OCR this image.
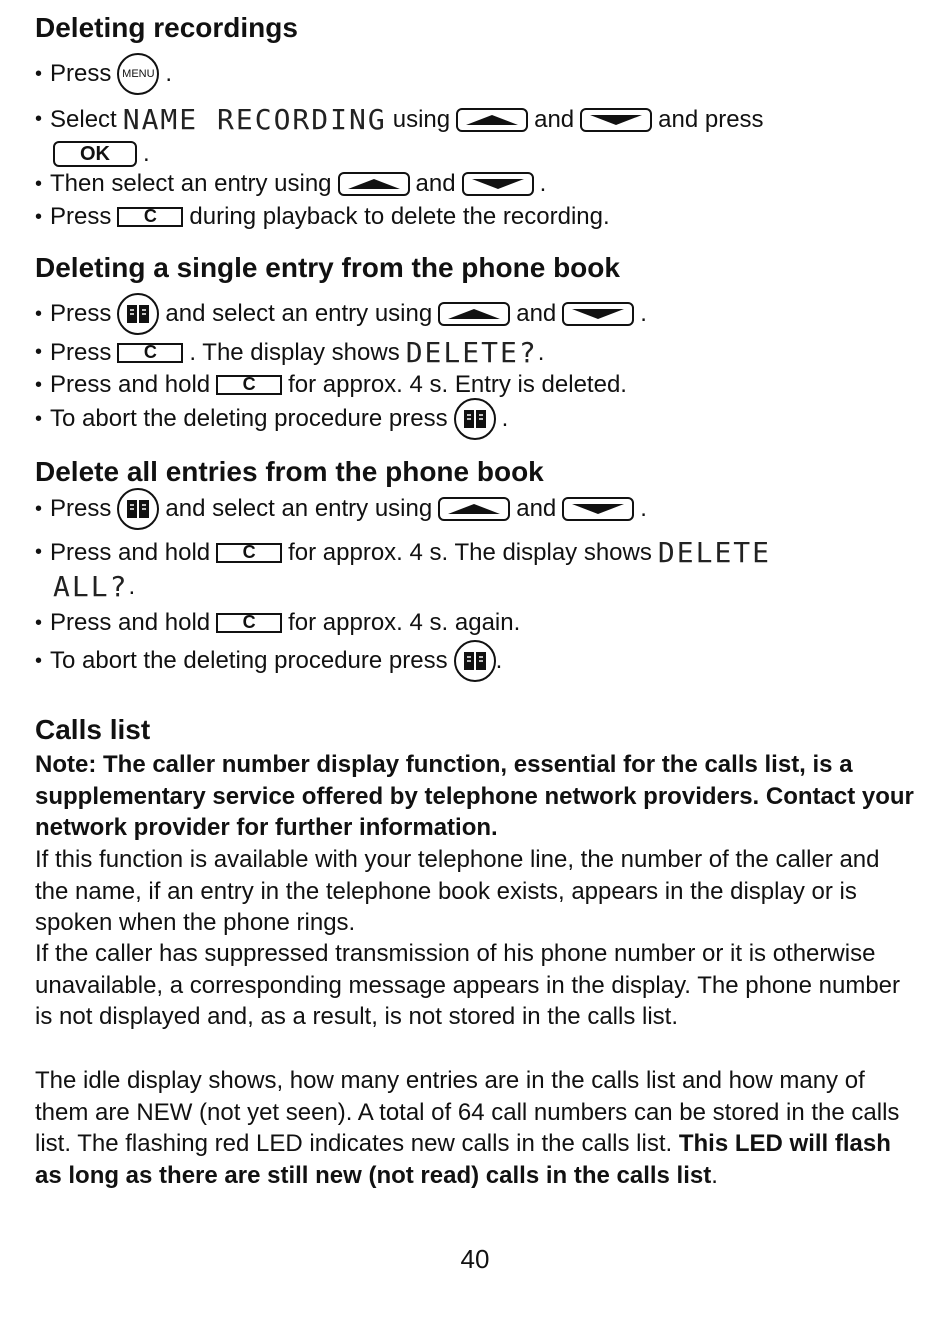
Deleting recordings
• Press MENU .
• Select NAME RECORDING using	and	and press
OK	.
• Then select an entry using	and	.
• Press	C	during playback to delete the recording.
Deleting a single entry from the phone book
• Press and select an entry using	and	.
• Press	C	. The display shows DELETE? .
• Press and hold	C	for approx. 4 s. Entry is deleted.
• To abort the deleting procedure press .
Delete all entries from the phone book
• Press and select an entry using	and	.
• Press and hold	C	for approx. 4 s. The display shows DELETE
ALL? .
• Press and hold	C	for approx. 4 s. again.
• To abort the deleting procedure press .
Calls list

Note: The caller number display function, essential for the calls list, is a supplementary service offered by telephone network providers. Contact your network provider for further information.

If this function is available with your telephone line, the number of the caller and the name, if an entry in the telephone book exists, appears in the display or is spoken when the phone rings.

If the caller has suppressed transmission of his phone number or it is otherwise unavailable, a corresponding message appears in the display. The phone number is not displayed and, as a result, is not stored in the calls list.

The idle display shows, how many entries are in the calls list and how many of them are NEW (not yet seen). A total of 64 call numbers can be stored in the calls list. The flashing red LED indicates new calls in the calls list. This LED will flash as long as there are still new (not read) calls in the calls list.

40
